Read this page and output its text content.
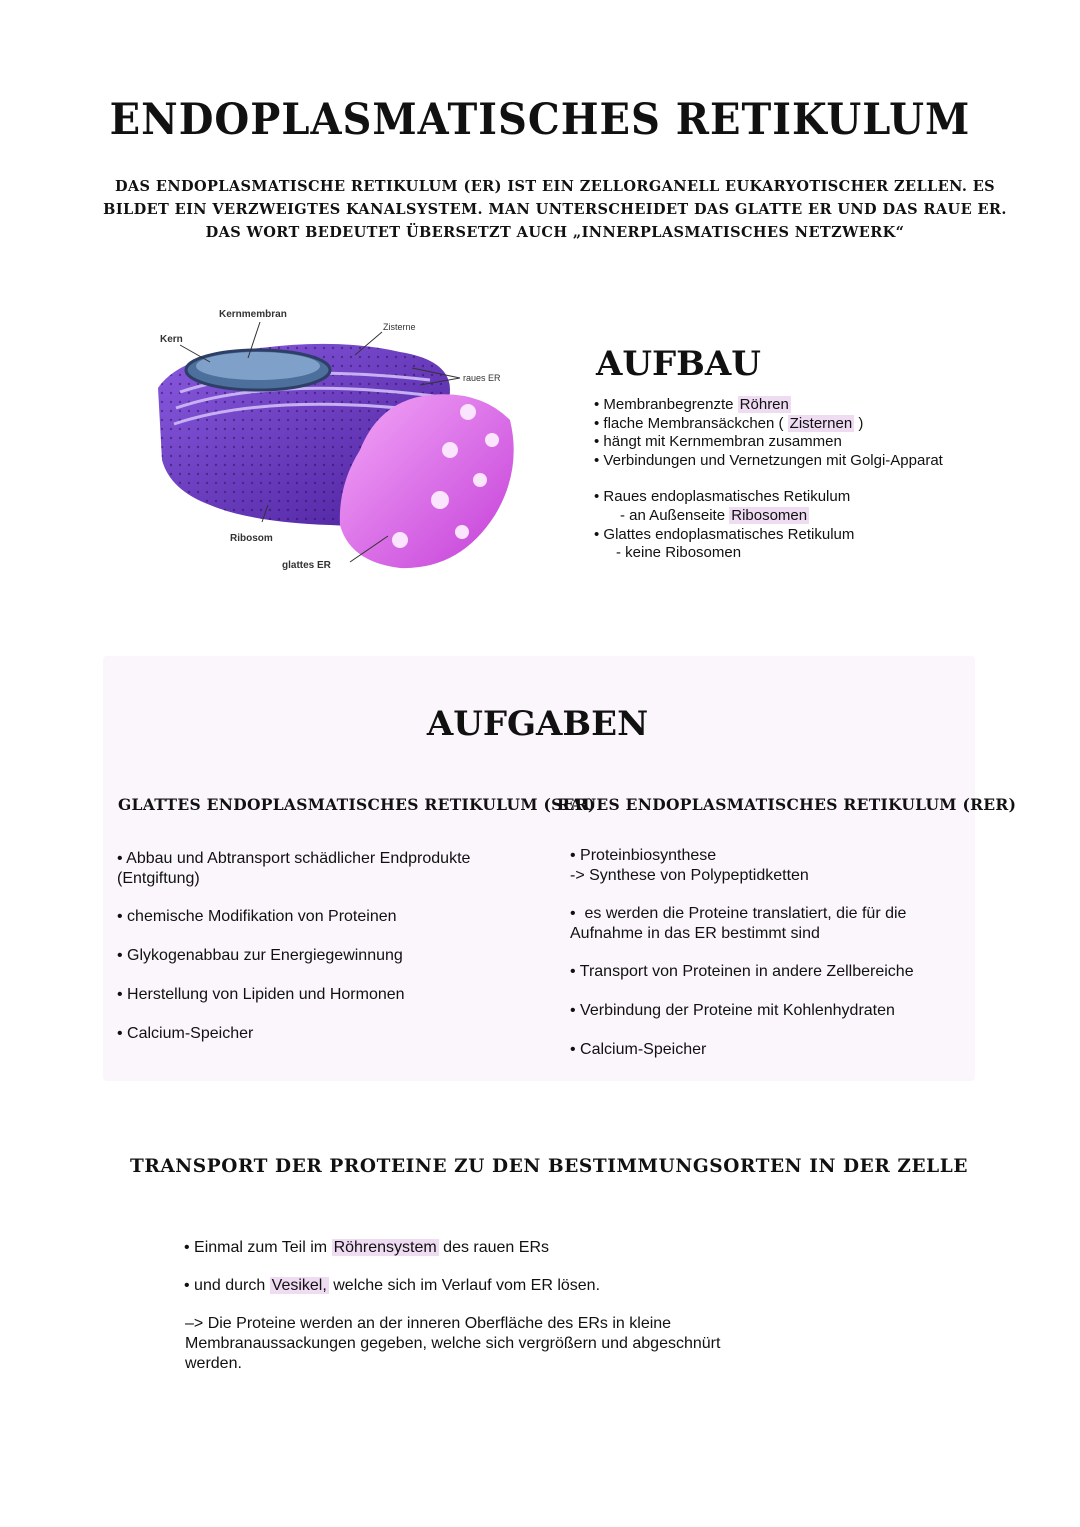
ENDOPLASMATISCHES RETIKULUM
DAS ENDOPLASMATISCHE RETIKULUM (ER) IST EIN ZELLORGANELL EUKARYOTISCHER ZELLEN. ES BILDET EIN VERZWEIGTES KANALSYSTEM. MAN UNTERSCHEIDET DAS GLATTE ER UND DAS RAUE ER. DAS WORT BEDEUTET ÜBERSETZT AUCH „INNERPLASMATISCHES NETZWERK“
Kern
Kernmembran
Zisterne
raues ER
Ribosom
glattes ER
AUFBAU
• Membranbegrenzte Röhren
• flache Membransäckchen ( Zisternen )
• hängt mit Kernmembran zusammen
• Verbindungen und Vernetzungen mit Golgi-Apparat
• Raues endoplasmatisches Retikulum
- an Außenseite Ribosomen
• Glattes endoplasmatisches Retikulum
- keine Ribosomen
AUFGABEN
GLATTES ENDOPLASMATISCHES RETIKULUM (SER)
RAUES ENDOPLASMATISCHES RETIKULUM (RER)
• Abbau und Abtransport schädlicher Endprodukte
(Entgiftung)
• chemische Modifikation von Proteinen
• Glykogenabbau zur Energiegewinnung
• Herstellung von Lipiden und Hormonen
• Calcium-Speicher
• Proteinbiosynthese
-> Synthese von Polypeptidketten
•  es werden die Proteine translatiert, die für die
Aufnahme in das ER bestimmt sind
• Transport von Proteinen in andere Zellbereiche
• Verbindung der Proteine mit Kohlenhydraten
• Calcium-Speicher
TRANSPORT DER PROTEINE ZU DEN BESTIMMUNGSORTEN IN DER ZELLE
• Einmal zum Teil im Röhrensystem des rauen ERs
• und durch Vesikel, welche sich im Verlauf vom ER lösen.
–> Die Proteine werden an der inneren Oberfläche des ERs in kleine
Membranaussackungen gegeben, welche sich vergrößern und abgeschnürt
werden.
